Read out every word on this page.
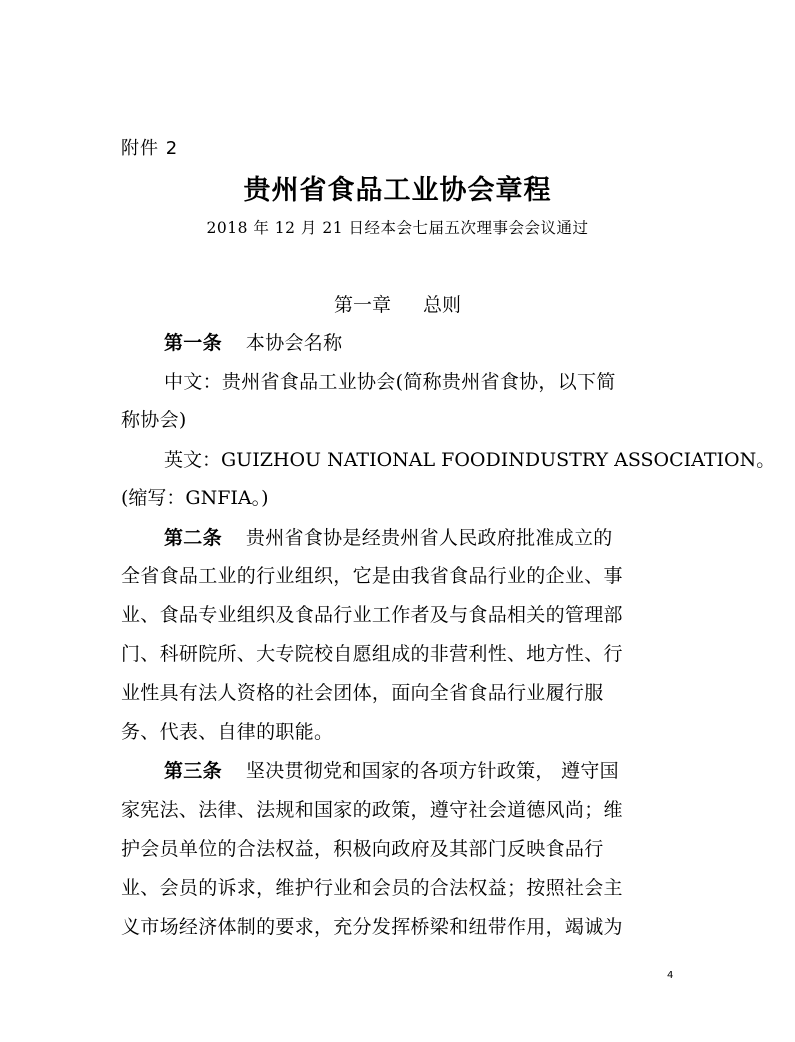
附件 2
贵州省食品工业协会章程
2018 年 12 月 21 日经本会七届五次理事会会议通过
第一章 总则
第一条 本协会名称
中文：贵州省食品工业协会(简称贵州省食协，以下简
称协会)
英文：GUIZHOU NATIONAL FOODINDUSTRY ASSOCIATION。
(缩写：GNFIA。)
第二条 贵州省食协是经贵州省人民政府批准成立的
全省食品工业的行业组织，它是由我省食品行业的企业、事
业、食品专业组织及食品行业工作者及与食品相关的管理部
门、科研院所、大专院校自愿组成的非营利性、地方性、行
业性具有法人资格的社会团体，面向全省食品行业履行服
务、代表、自律的职能。
第三条 坚决贯彻党和国家的各项方针政策， 遵守国
家宪法、法律、法规和国家的政策，遵守社会道德风尚；维
护会员单位的合法权益，积极向政府及其部门反映食品行
业、会员的诉求，维护行业和会员的合法权益；按照社会主
义市场经济体制的要求，充分发挥桥梁和纽带作用，竭诚为
4
